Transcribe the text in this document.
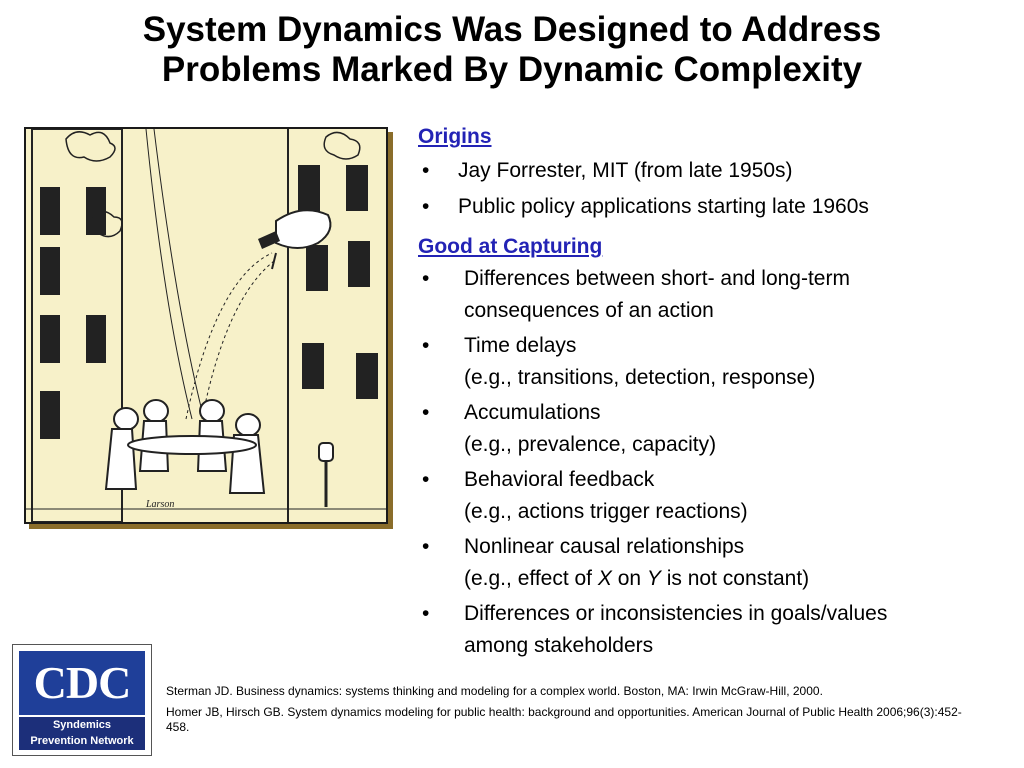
System Dynamics Was Designed to Address
Problems Marked By Dynamic Complexity
Larson
Origins
• Jay Forrester, MIT (from late 1950s)
• Public policy applications starting late 1960s
Good at Capturing
• Differences between short- and long-term
consequences of an action
• Time delays
(e.g., transitions, detection, response)
• Accumulations
(e.g., prevalence, capacity)
• Behavioral feedback
(e.g., actions trigger reactions)
• Nonlinear causal relationships
(e.g., effect of X on Y is not constant)
• Differences or inconsistencies in goals/values
among stakeholders
CDC
Syndemics
Prevention Network

Sterman JD. Business dynamics: systems thinking and modeling for a complex world. Boston, MA: Irwin McGraw-Hill, 2000.

Homer JB, Hirsch GB. System dynamics modeling for public health: background and opportunities. American Journal of Public Health 2006;96(3):452-458.
